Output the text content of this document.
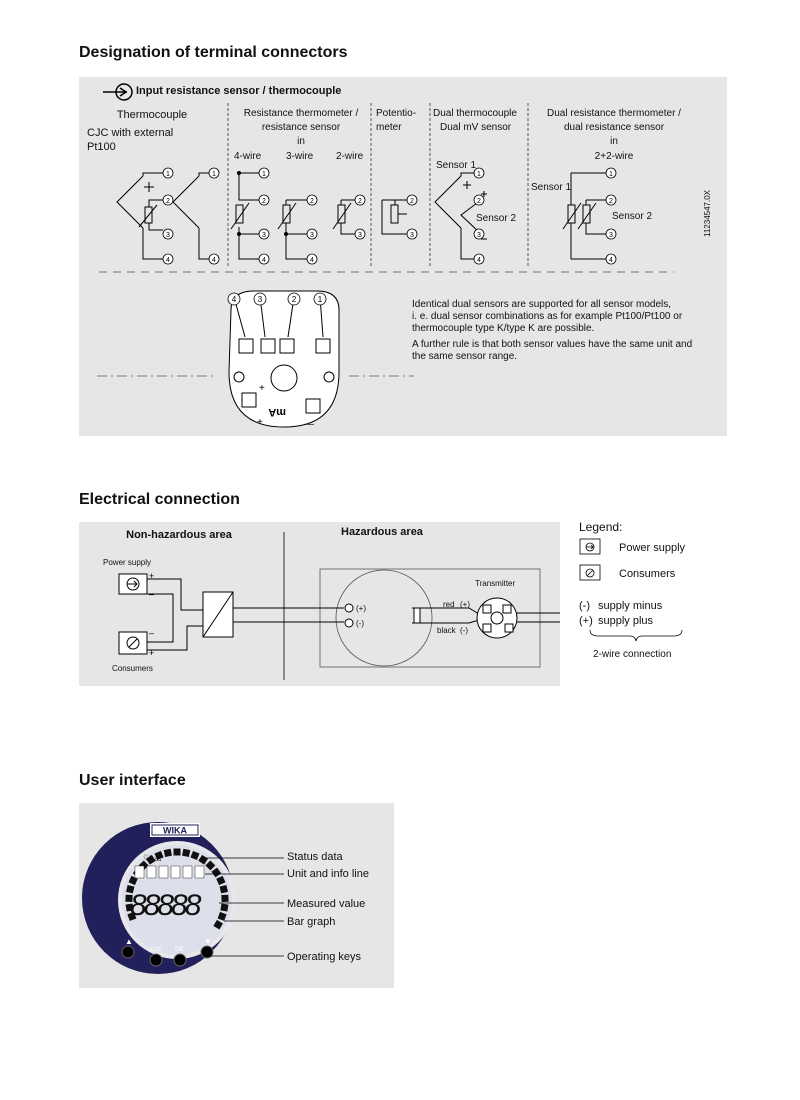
Designation of terminal connectors
+
+	—
mA
1
2
3
4
1
4
1
2
3
4
2
3
4
2
3
2
3
1
2
3
4
1
2
3
4
4	3	2	1
Input resistance sensor / thermocouple
Thermocouple
CJC with external
Pt100
Resistance thermometer /
resistance sensor
in
4-wire 3-wire 2-wire
Potentio-
meter
Dual thermocouple
Dual mV sensor
Dual resistance thermometer /
dual resistance sensor
in
2+2-wire
Sensor 1
Sensor 2
Sensor 1
Sensor 2	11234547.0X
Identical dual sensors are supported for all sensor models,
i. e. dual sensor combinations as for example Pt100/Pt100 or
thermocouple type K/type K are possible.
A further rule is that both sensor values have the same unit and
the same sensor range.
Electrical connection
+
–
–
+
Non-hazardous area	Hazardous area
Power supply
Consumers
Transmitter
(+)
(-)
red (+)
black (-)
Legend:
Power supply
Consumers
(-) supply minus
(+) supply plus
2-wire connection
User interface
WIKA
♡ ⚠
88888
▲	▼
ESC OK
Status data
Unit and info line
Measured value
Bar graph
Operating keys
